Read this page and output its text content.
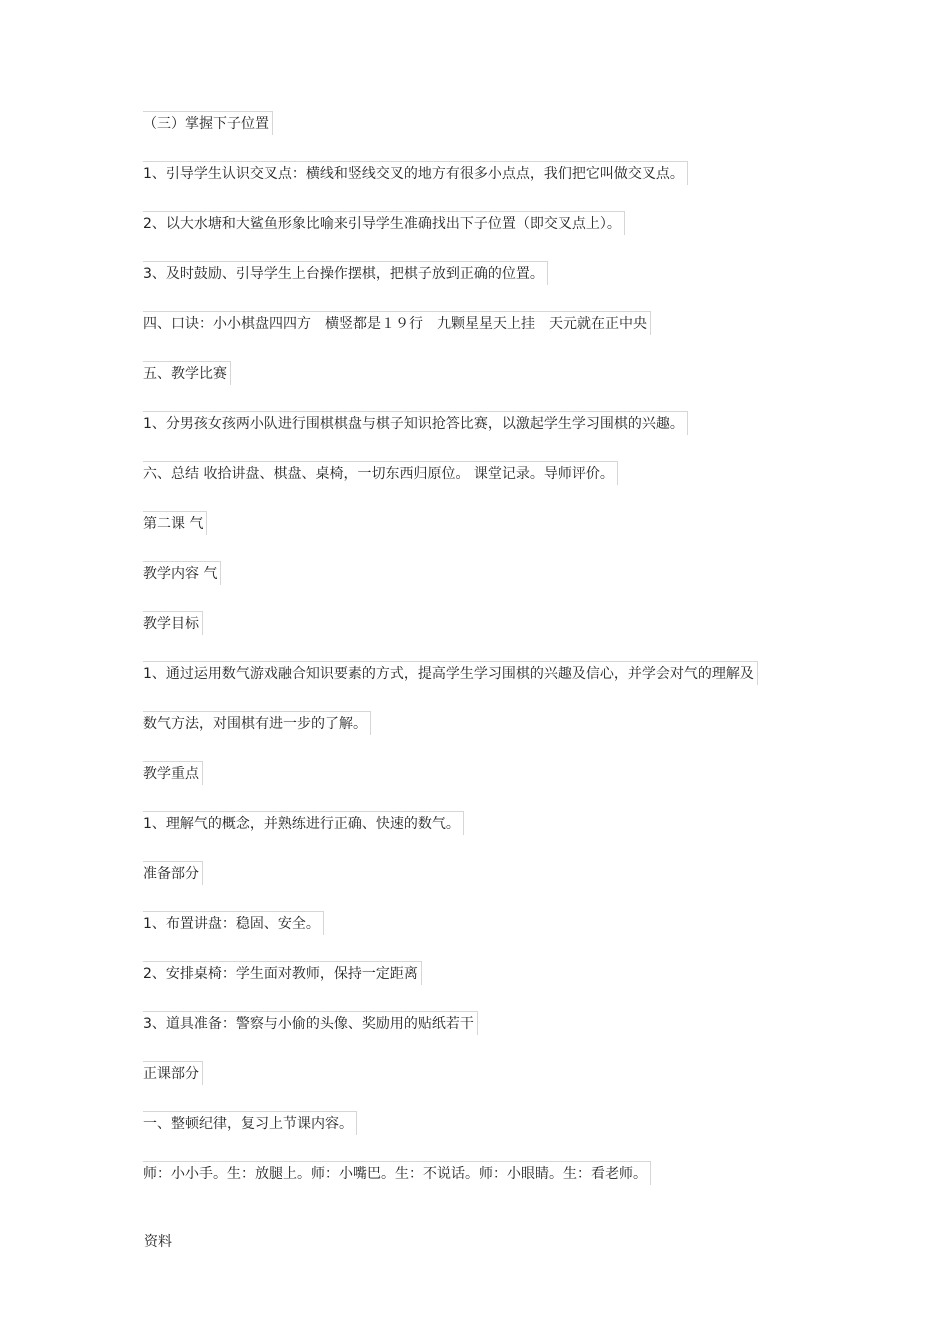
（三）掌握下子位置
1、引导学生认识交叉点：横线和竖线交叉的地方有很多小点点，我们把它叫做交叉点。
2、以大水塘和大鲨鱼形象比喻来引导学生准确找出下子位置（即交叉点上）。
3、及时鼓励、引导学生上台操作摆棋，把棋子放到正确的位置。
四、口诀：小小棋盘四四方　横竖都是１９行　九颗星星天上挂　天元就在正中央
五、教学比赛
1、分男孩女孩两小队进行围棋棋盘与棋子知识抢答比赛，以激起学生学习围棋的兴趣。
六、总结 收拾讲盘、棋盘、桌椅，一切东西归原位。 课堂记录。导师评价。
第二课 气
教学内容 气
教学目标
1、通过运用数气游戏融合知识要素的方式，提高学生学习围棋的兴趣及信心，并学会对气的理解及
数气方法，对围棋有进一步的了解。
教学重点
1、理解气的概念，并熟练进行正确、快速的数气。
准备部分
1、布置讲盘：稳固、安全。
2、安排桌椅：学生面对教师，保持一定距离
3、道具准备：警察与小偷的头像、奖励用的贴纸若干
正课部分
一、整顿纪律，复习上节课内容。
师：小小手。生：放腿上。师：小嘴巴。生：不说话。师：小眼睛。生：看老师。
资料
